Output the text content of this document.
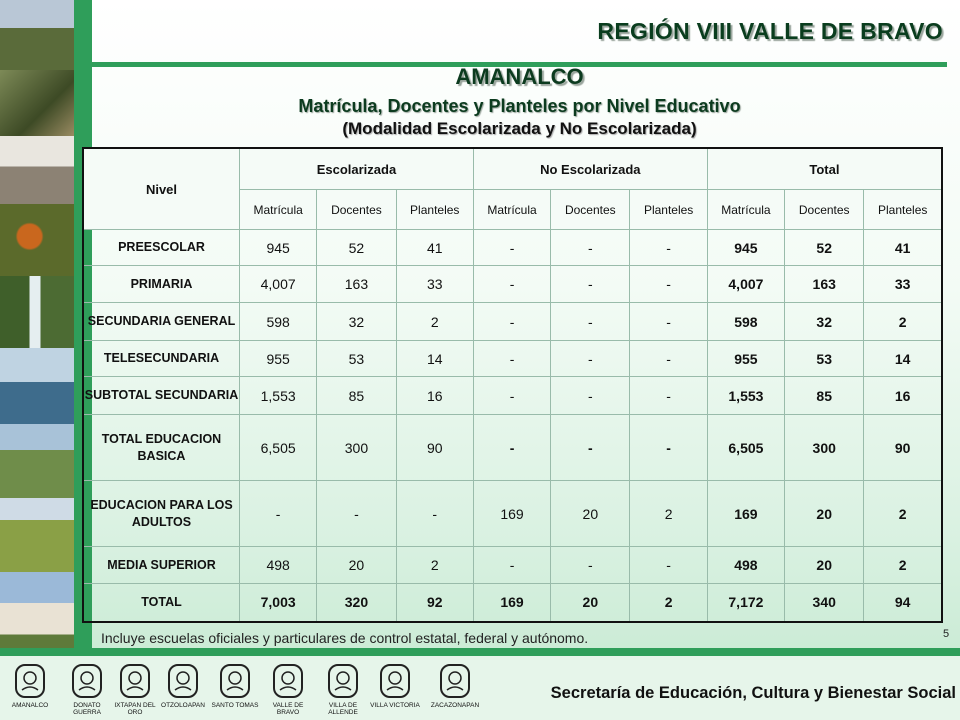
REGIÓN VIII VALLE DE BRAVO
AMANALCO
Matrícula, Docentes y Planteles por Nivel Educativo
(Modalidad Escolarizada y No Escolarizada)
Nivel	Escolarizada			No Escolarizada			Total		
	Matrícula	Docentes	Planteles	Matrícula	Docentes	Planteles	Matrícula	Docentes	Planteles
PREESCOLAR	945	52	41	-	-	-	945	52	41
PRIMARIA	4,007	163	33	-	-	-	4,007	163	33
SECUNDARIA GENERAL	598	32	2	-	-	-	598	32	2
TELESECUNDARIA	955	53	14	-	-	-	955	53	14
SUBTOTAL SECUNDARIA	1,553	85	16	-	-	-	1,553	85	16
TOTAL EDUCACION BASICA	6,505	300	90	-	-	-	6,505	300	90
EDUCACION PARA LOS ADULTOS	-	-	-	169	20	2	169	20	2
MEDIA SUPERIOR	498	20	2	-	-	-	498	20	2
TOTAL	7,003	320	92	169	20	2	7,172	340	94
Incluye escuelas oficiales y particulares de control estatal, federal y autónomo.	5
AMANALCO	DONATO GUERRA
IXTAPAN DEL ORO
OTZOLOAPAN	SANTO TOMAS	VALLE DE BRAVO
VILLA DE ALLENDE
VILLA VICTORIA ZACAZONAPAN
Secretaría de Educación, Cultura y Bienestar Social
